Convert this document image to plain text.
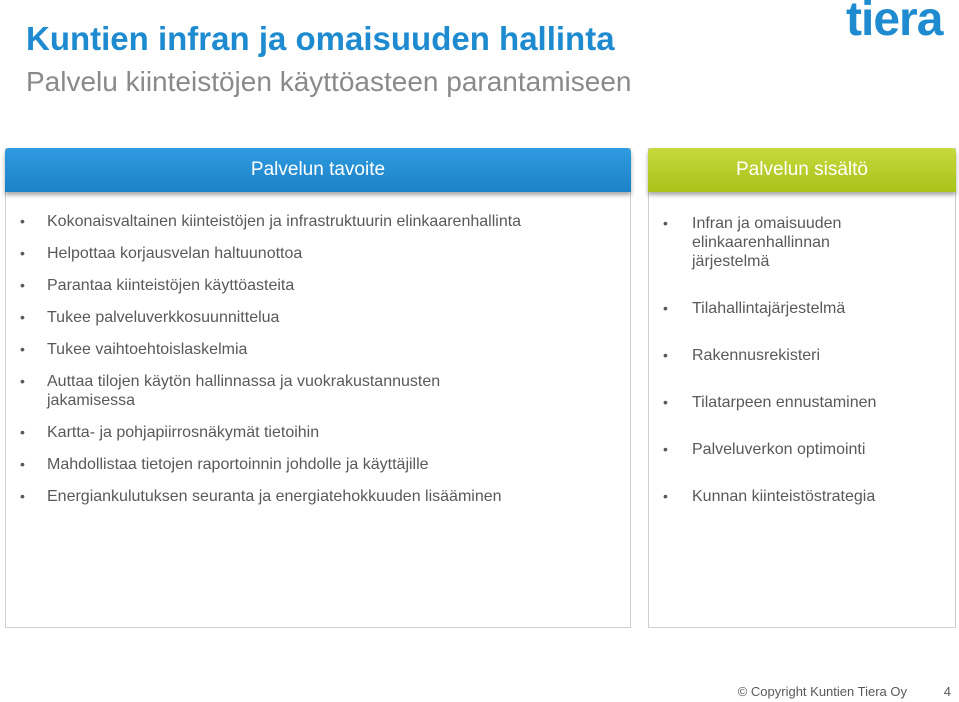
Kuntien infran ja omaisuuden hallinta
Palvelu kiinteistöjen käyttöasteen parantamiseen
tiera
Palvelun tavoite
• Kokonaisvaltainen kiinteistöjen ja infrastruktuurin elinkaarenhallinta
• Helpottaa korjausvelan haltuunottoa
• Parantaa kiinteistöjen käyttöasteita
• Tukee palveluverkkosuunnittelua
• Tukee vaihtoehtoislaskelmia
• Auttaa tilojen käytön hallinnassa ja vuokrakustannusten jakamisessa
• Kartta- ja pohjapiirrosnäkymät tietoihin
• Mahdollistaa tietojen raportoinnin johdolle ja käyttäjille
• Energiankulutuksen seuranta ja energiatehokkuuden lisääminen
Palvelun sisältö
• Infran ja omaisuuden elinkaarenhallinnan järjestelmä
• Tilahallintajärjestelmä
• Rakennusrekisteri
• Tilatarpeen ennustaminen
• Palveluverkon optimointi
• Kunnan kiinteistöstrategia
© Copyright Kuntien Tiera Oy	4
